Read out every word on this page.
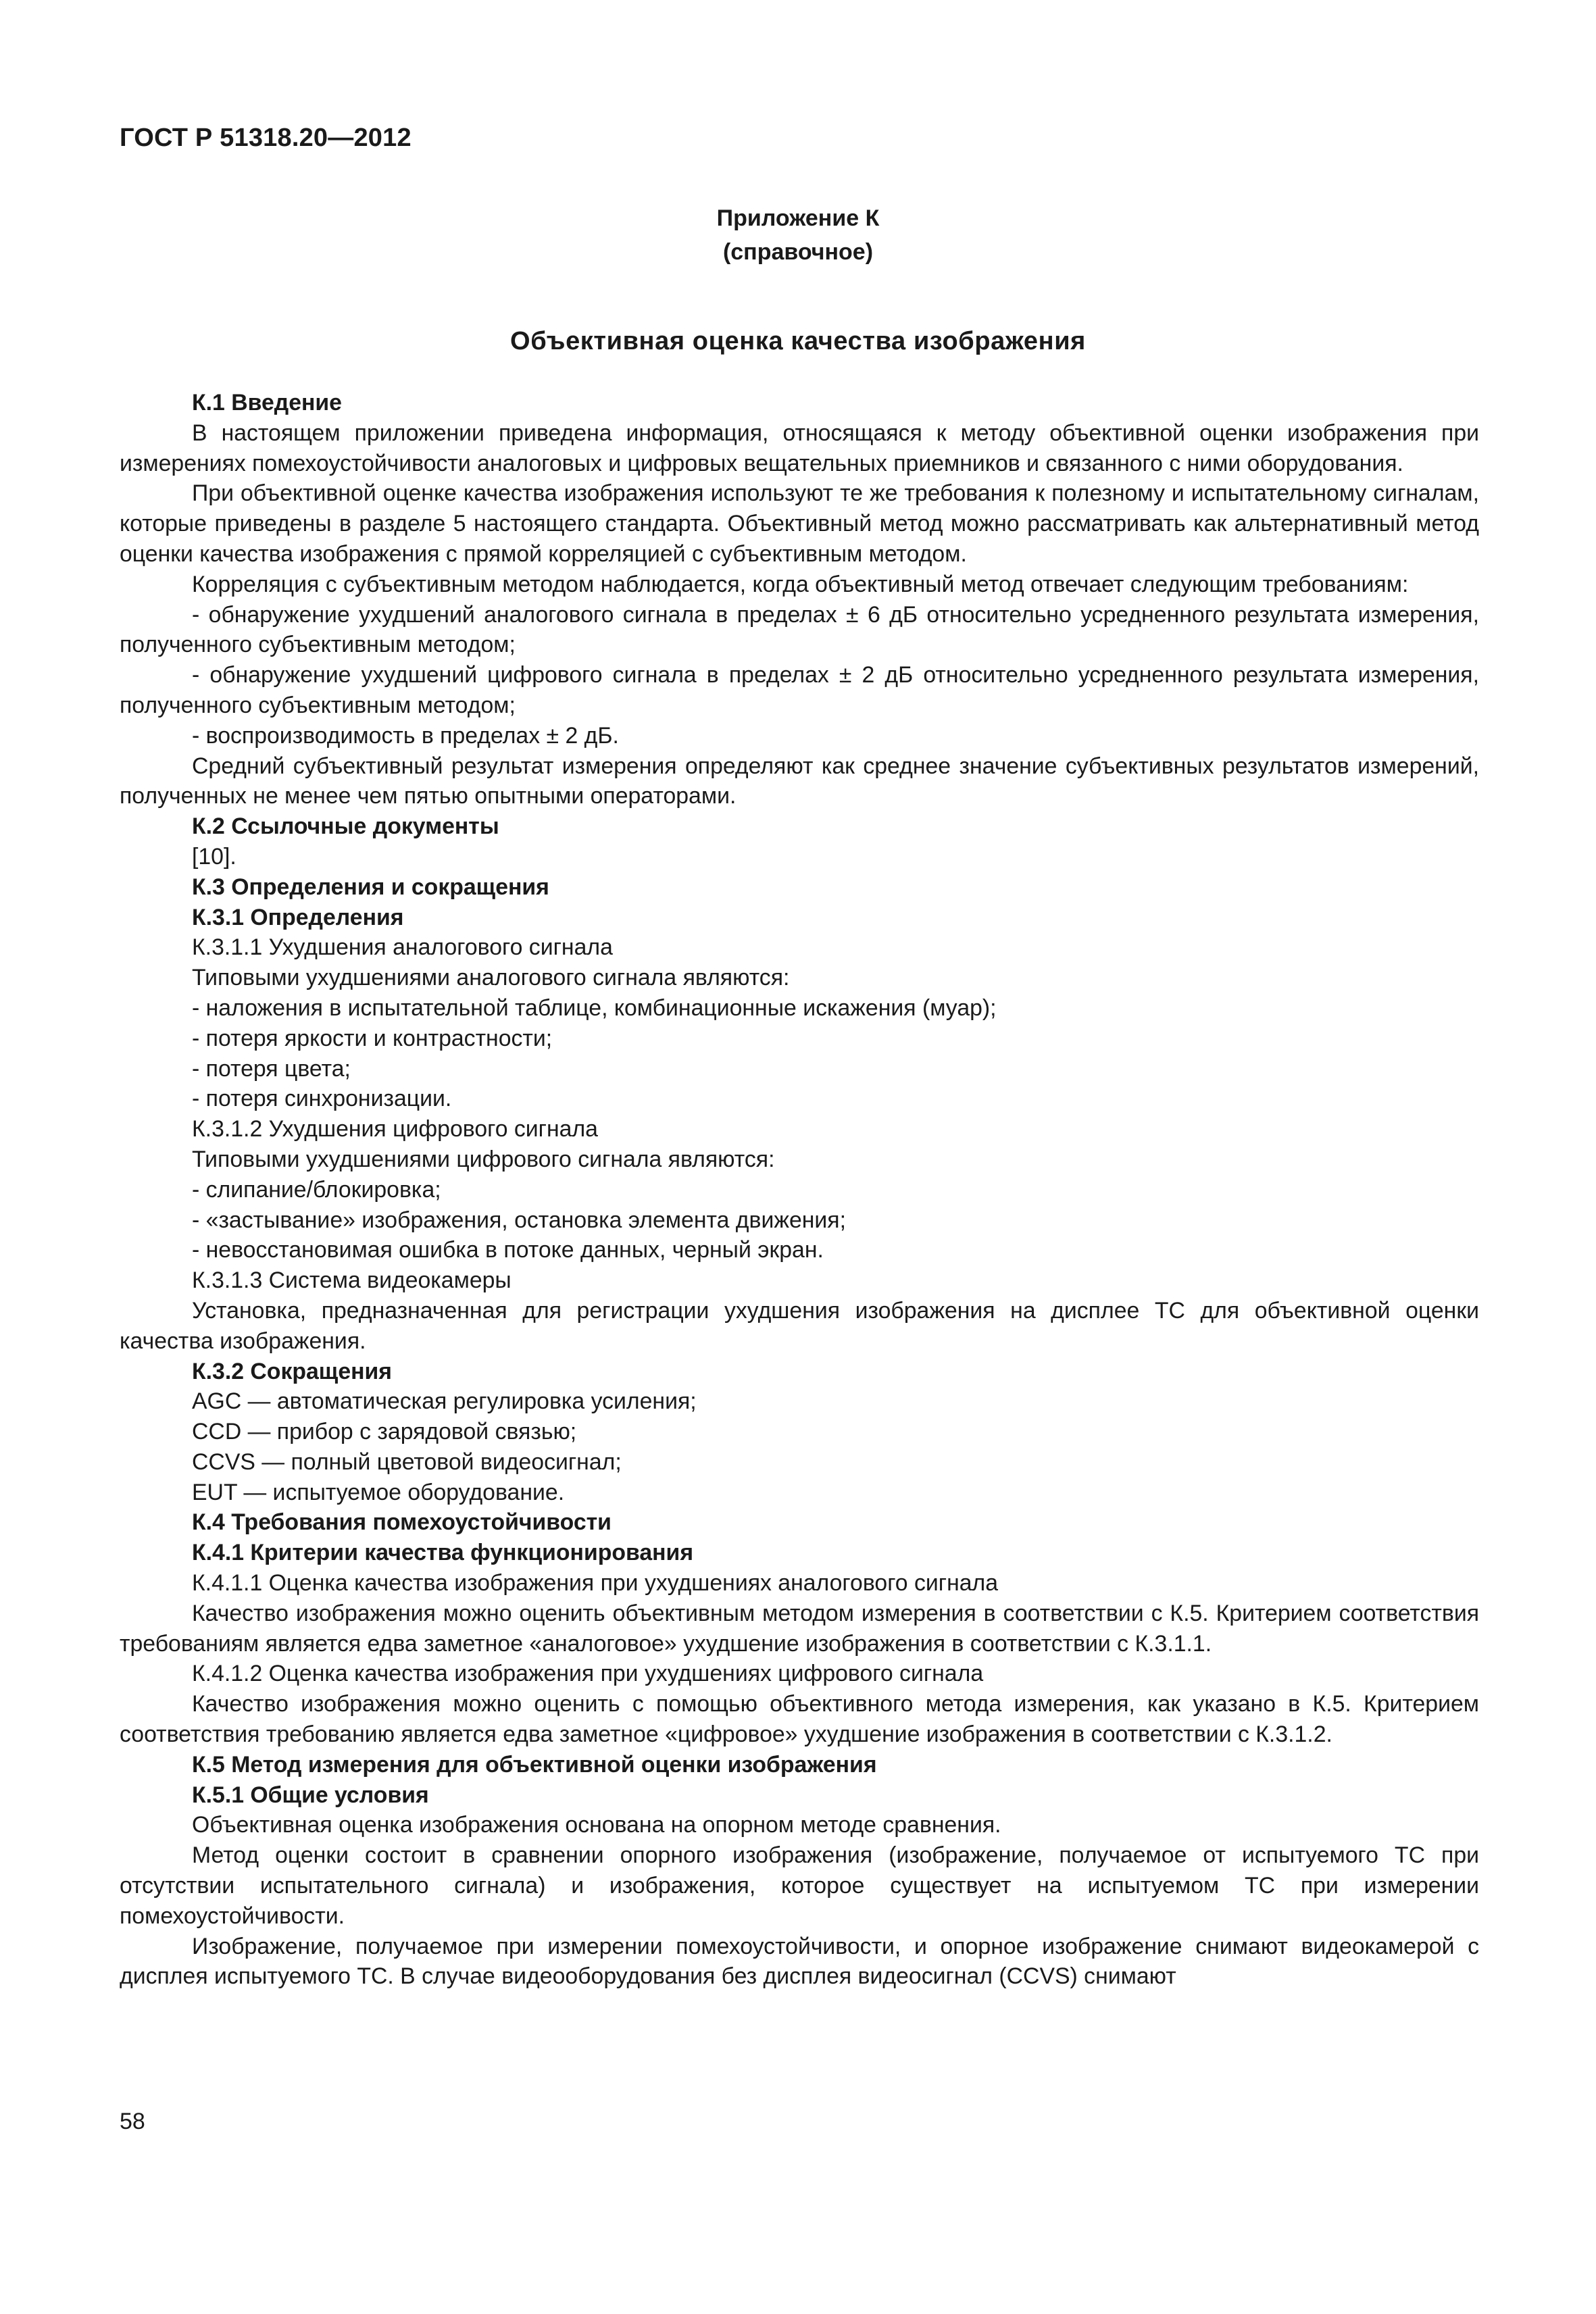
ГОСТ Р 51318.20—2012
Приложение К
(справочное)
Объективная оценка качества изображения

К.1 Введение

В настоящем приложении приведена информация, относящаяся к методу объективной оценки изображения при измерениях помехоустойчивости аналоговых и цифровых вещательных приемников и связанного с ними оборудования.

При объективной оценке качества изображения используют те же требования к полезному и испытательному сигналам, которые приведены в разделе 5 настоящего стандарта. Объективный метод можно рассматривать как альтернативный метод оценки качества изображения с прямой корреляцией с субъективным методом.

Корреляция с субъективным методом наблюдается, когда объективный метод отвечает следующим требованиям:

- обнаружение ухудшений аналогового сигнала в пределах ± 6 дБ относительно усредненного результата измерения, полученного субъективным методом;

- обнаружение ухудшений цифрового сигнала в пределах ± 2 дБ относительно усредненного результата измерения, полученного субъективным методом;

- воспроизводимость в пределах ± 2 дБ.

Средний субъективный результат измерения определяют как среднее значение субъективных результатов измерений, полученных не менее чем пятью опытными операторами.

К.2 Ссылочные документы

[10].

К.3 Определения и сокращения

К.3.1 Определения

К.3.1.1 Ухудшения аналогового сигнала

Типовыми ухудшениями аналогового сигнала являются:

- наложения в испытательной таблице, комбинационные искажения (муар);

- потеря яркости и контрастности;

- потеря цвета;

- потеря синхронизации.

К.3.1.2 Ухудшения цифрового сигнала

Типовыми ухудшениями цифрового сигнала являются:

- слипание/блокировка;

- «застывание» изображения, остановка элемента движения;

- невосстановимая ошибка в потоке данных, черный экран.

К.3.1.3 Система видеокамеры

Установка, предназначенная для регистрации ухудшения изображения на дисплее ТС для объективной оценки качества изображения.

К.3.2 Сокращения

AGC — автоматическая регулировка усиления;

CCD — прибор с зарядовой связью;

CCVS — полный цветовой видеосигнал;

EUT — испытуемое оборудование.

К.4 Требования помехоустойчивости

К.4.1 Критерии качества функционирования

К.4.1.1 Оценка качества изображения при ухудшениях аналогового сигнала

Качество изображения можно оценить объективным методом измерения в соответствии с К.5. Критерием соответствия требованиям является едва заметное «аналоговое» ухудшение изображения в соответствии с К.3.1.1.

К.4.1.2 Оценка качества изображения при ухудшениях цифрового сигнала

Качество изображения можно оценить с помощью объективного метода измерения, как указано в К.5. Критерием соответствия требованию является едва заметное «цифровое» ухудшение изображения в соответствии с К.3.1.2.

К.5 Метод измерения для объективной оценки изображения

К.5.1 Общие условия

Объективная оценка изображения основана на опорном методе сравнения.

Метод оценки состоит в сравнении опорного изображения (изображение, получаемое от испытуемого ТС при отсутствии испытательного сигнала) и изображения, которое существует на испытуемом ТС при измерении помехоустойчивости.

Изображение, получаемое при измерении помехоустойчивости, и опорное изображение снимают видеокамерой с дисплея испытуемого ТС. В случае видеооборудования без дисплея видеосигнал (CCVS) снимают

58
